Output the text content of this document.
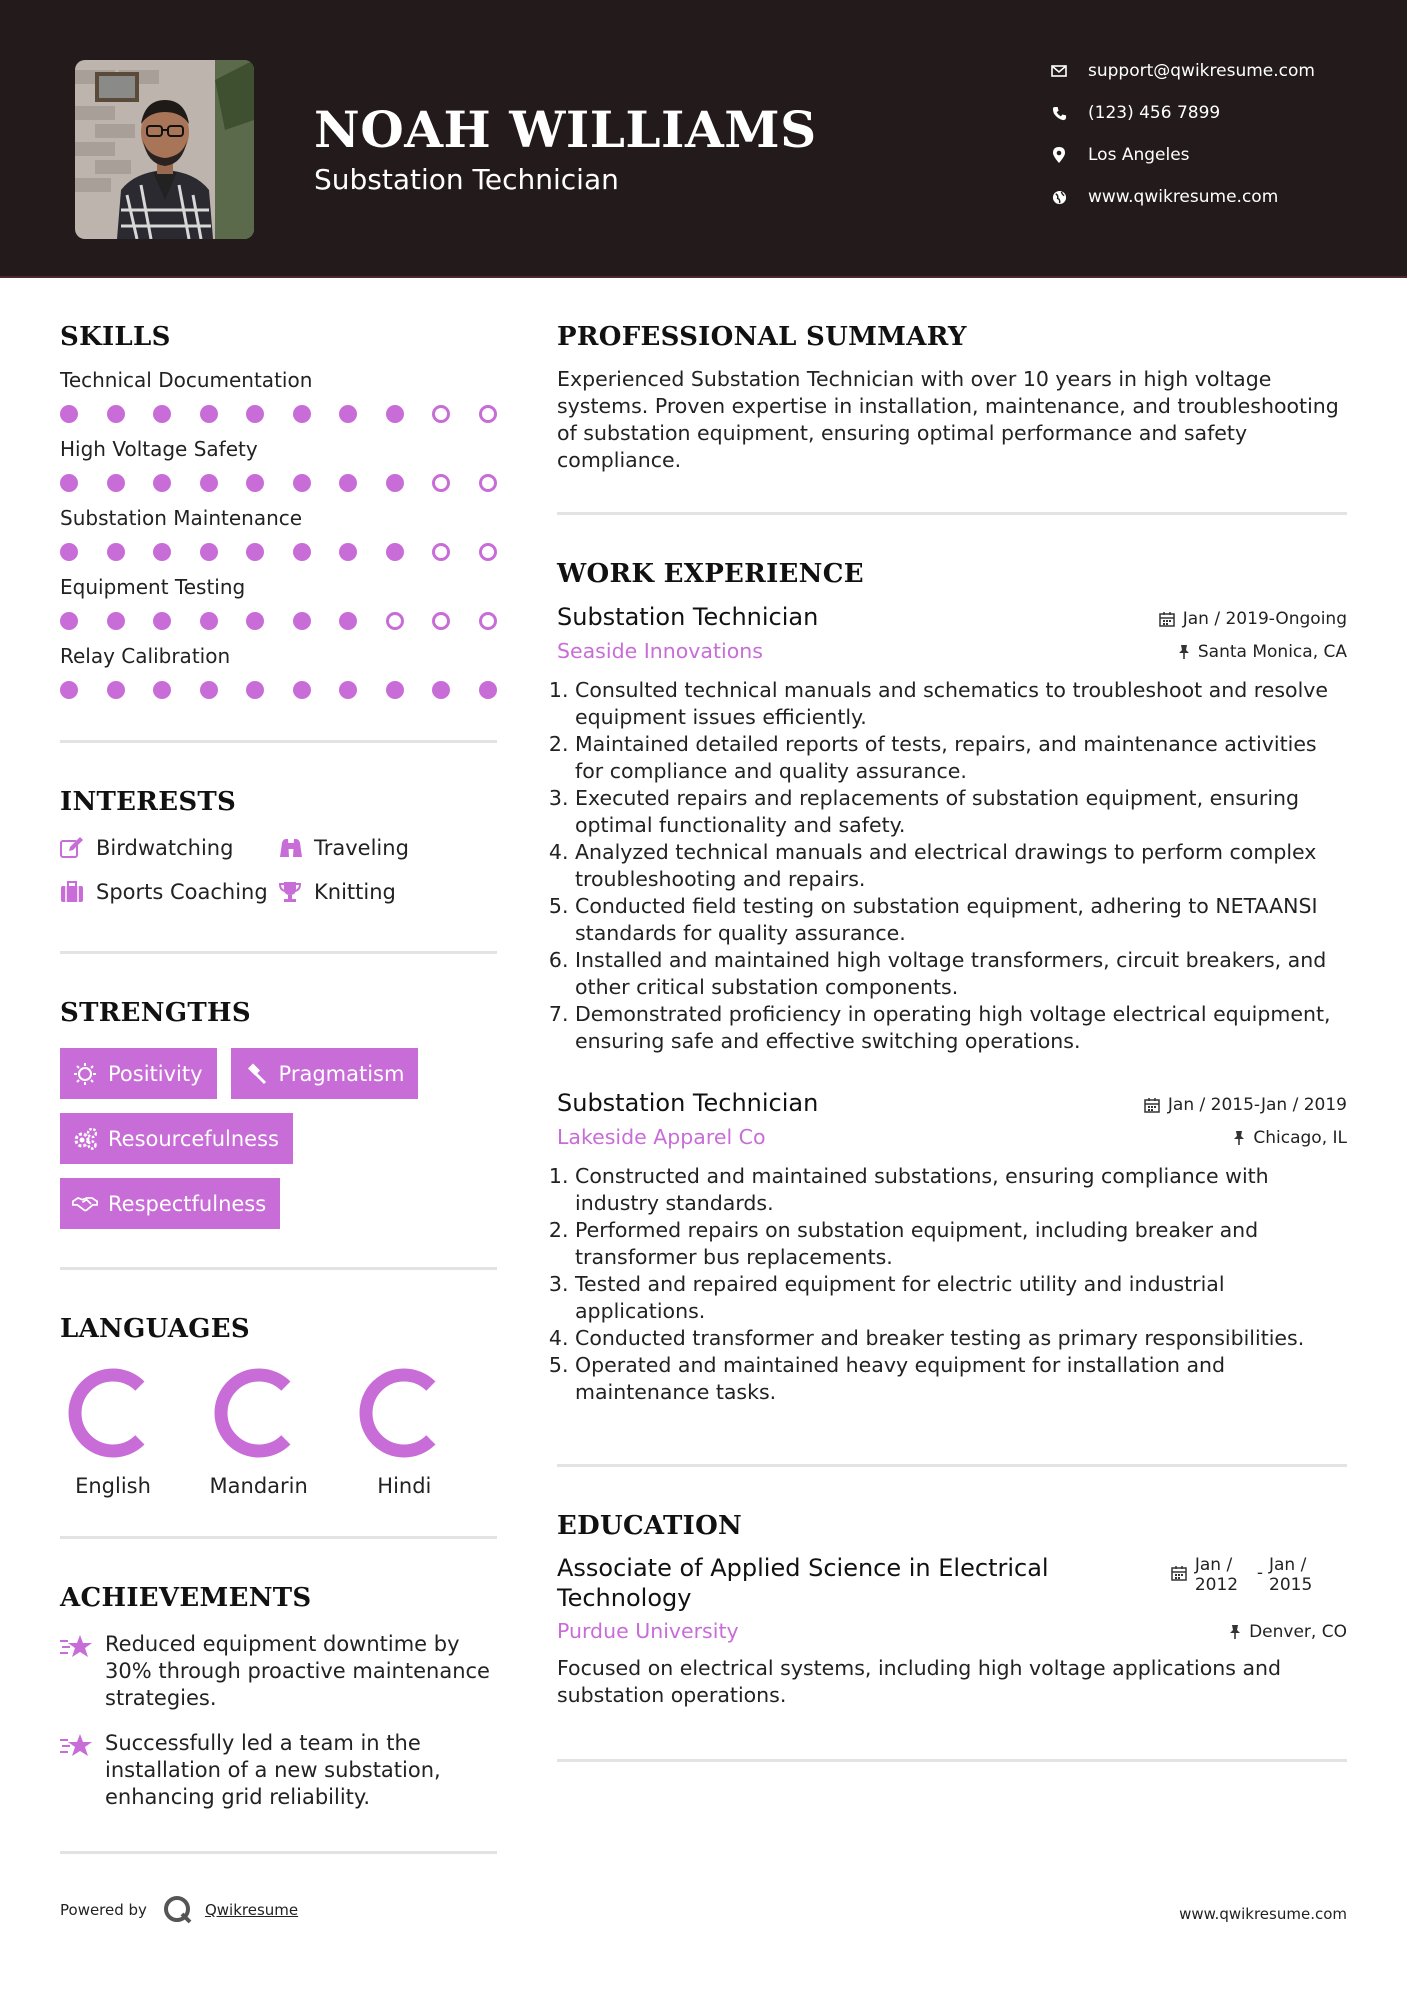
NOAH WILLIAMS
Substation Technician
support@qwikresume.com
(123) 456 7899
Los Angeles
www.qwikresume.com
SKILLS
Technical Documentation
High Voltage Safety
Substation Maintenance
Equipment Testing
Relay Calibration
INTERESTS
Birdwatching	Traveling
Sports Coaching Knitting
STRENGTHS
Positivity	Pragmatism
Resourcefulness
Respectfulness
LANGUAGES
English	Mandarin	Hindi
ACHIEVEMENTS
Reduced equipment downtime by 30% through proactive maintenance strategies.
Successfully led a team in the installation of a new substation, enhancing grid reliability.
PROFESSIONAL SUMMARY
Experienced Substation Technician with over 10 years in high voltage systems. Proven expertise in installation, maintenance, and troubleshooting of substation equipment, ensuring optimal performance and safety compliance.
WORK EXPERIENCE
Substation Technician	Jan / 2019-Ongoing
Seaside Innovations	Santa Monica, CA
1. Consulted technical manuals and schematics to troubleshoot and resolve equipment issues efficiently.
2. Maintained detailed reports of tests, repairs, and maintenance activities for compliance and quality assurance.
3. Executed repairs and replacements of substation equipment, ensuring optimal functionality and safety.
4. Analyzed technical manuals and electrical drawings to perform complex troubleshooting and repairs.
5. Conducted field testing on substation equipment, adhering to NETAANSI standards for quality assurance.
6. Installed and maintained high voltage transformers, circuit breakers, and other critical substation components.
7. Demonstrated proficiency in operating high voltage electrical equipment, ensuring safe and effective switching operations.
Substation Technician	Jan / 2015-Jan / 2019
Lakeside Apparel Co	Chicago, IL
1. Constructed and maintained substations, ensuring compliance with industry standards.
2. Performed repairs on substation equipment, including breaker and transformer bus replacements.
3. Tested and repaired equipment for electric utility and industrial applications.
4. Conducted transformer and breaker testing as primary responsibilities.
5. Operated and maintained heavy equipment for installation and maintenance tasks.
EDUCATION
Associate of Applied Science in Electrical Technology
Jan / 2012
- Jan / 2015
Purdue University	Denver, CO
Focused on electrical systems, including high voltage applications and substation operations.
Powered by	Qwikresume	www.qwikresume.com
